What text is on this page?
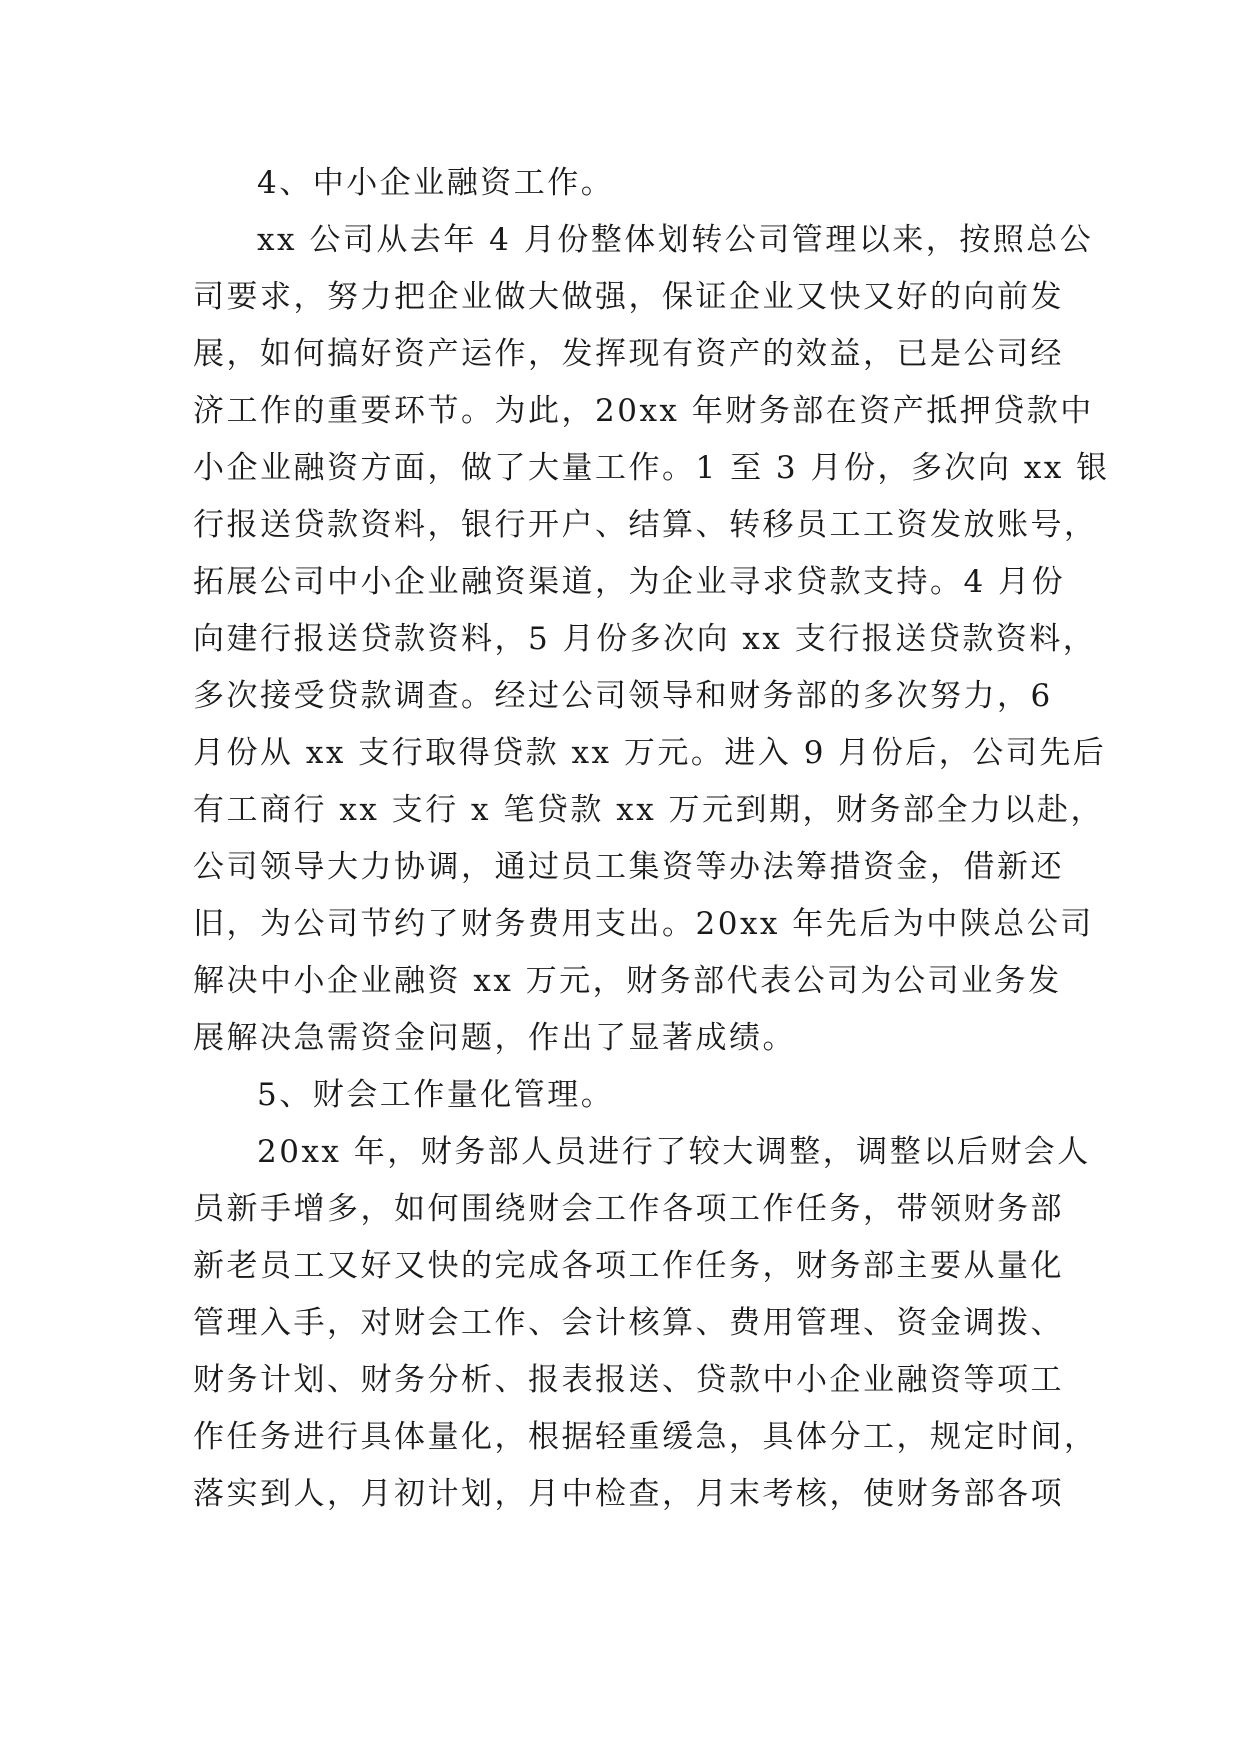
4、中小企业融资工作。
xx 公司从去年 4 月份整体划转公司管理以来，按照总公
司要求，努力把企业做大做强，保证企业又快又好的向前发
展，如何搞好资产运作，发挥现有资产的效益，已是公司经
济工作的重要环节。为此，20xx 年财务部在资产抵押贷款中
小企业融资方面，做了大量工作。1 至 3 月份，多次向 xx 银
行报送贷款资料，银行开户、结算、转移员工工资发放账号，
拓展公司中小企业融资渠道，为企业寻求贷款支持。4 月份
向建行报送贷款资料，5 月份多次向 xx 支行报送贷款资料，
多次接受贷款调查。经过公司领导和财务部的多次努力，6
月份从 xx 支行取得贷款 xx 万元。进入 9 月份后，公司先后
有工商行 xx 支行 x 笔贷款 xx 万元到期，财务部全力以赴，
公司领导大力协调，通过员工集资等办法筹措资金，借新还
旧，为公司节约了财务费用支出。20xx 年先后为中陕总公司
解决中小企业融资 xx 万元，财务部代表公司为公司业务发
展解决急需资金问题，作出了显著成绩。
5、财会工作量化管理。
20xx 年，财务部人员进行了较大调整，调整以后财会人
员新手增多，如何围绕财会工作各项工作任务，带领财务部
新老员工又好又快的完成各项工作任务，财务部主要从量化
管理入手，对财会工作、会计核算、费用管理、资金调拨、
财务计划、财务分析、报表报送、贷款中小企业融资等项工
作任务进行具体量化，根据轻重缓急，具体分工，规定时间，
落实到人，月初计划，月中检查，月末考核，使财务部各项
